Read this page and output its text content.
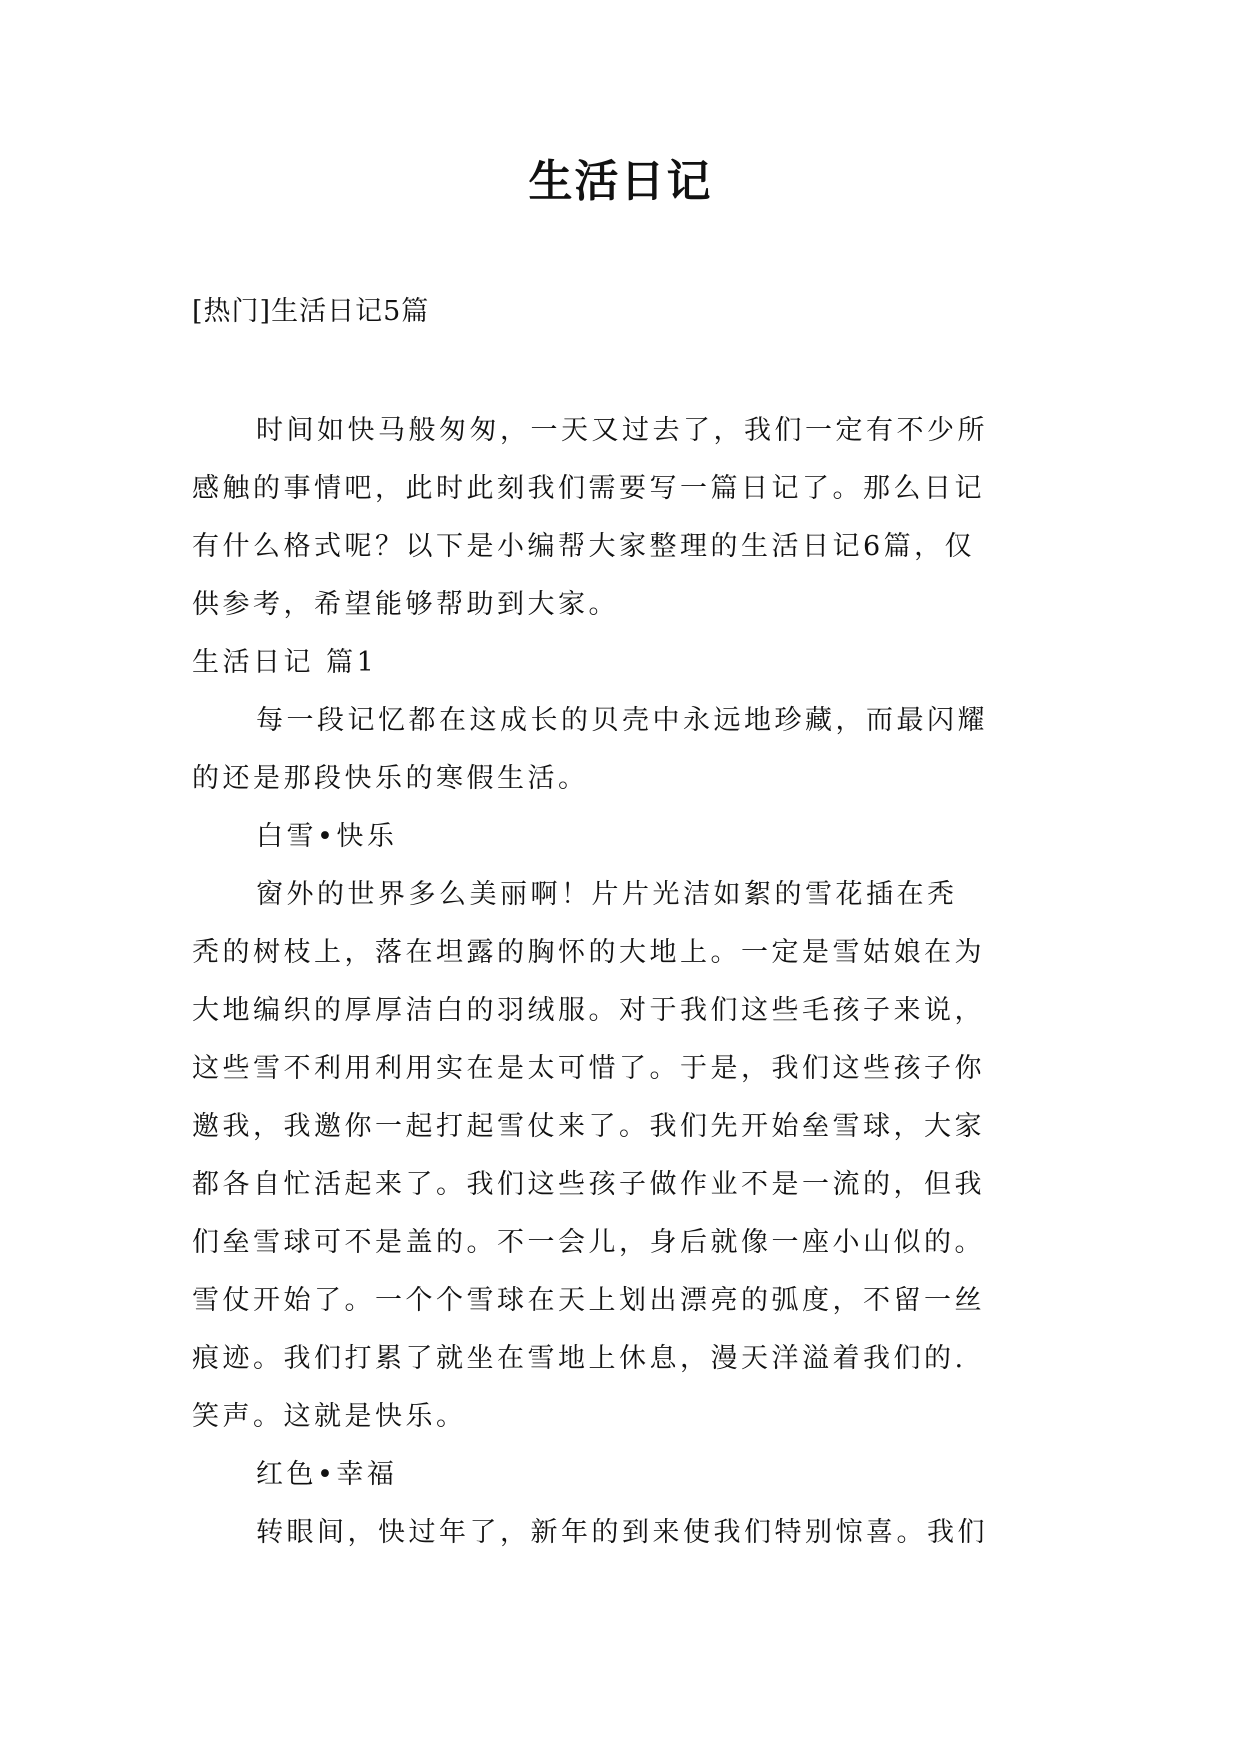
生活日记
[热门]生活日记5篇
时间如快马般匆匆，一天又过去了，我们一定有不少所
感触的事情吧，此时此刻我们需要写一篇日记了。那么日记
有什么格式呢？以下是小编帮大家整理的生活日记6篇，仅
供参考，希望能够帮助到大家。
生活日记 篇1
每一段记忆都在这成长的贝壳中永远地珍藏，而最闪耀
的还是那段快乐的寒假生活。
白雪•快乐
窗外的世界多么美丽啊！片片光洁如絮的雪花插在秃
秃的树枝上，落在坦露的胸怀的大地上。一定是雪姑娘在为
大地编织的厚厚洁白的羽绒服。对于我们这些毛孩子来说，
这些雪不利用利用实在是太可惜了。于是，我们这些孩子你
邀我，我邀你一起打起雪仗来了。我们先开始垒雪球，大家
都各自忙活起来了。我们这些孩子做作业不是一流的，但我
们垒雪球可不是盖的。不一会儿，身后就像一座小山似的。
雪仗开始了。一个个雪球在天上划出漂亮的弧度，不留一丝
痕迹。我们打累了就坐在雪地上休息，漫天洋溢着我们的.
笑声。这就是快乐。
红色•幸福
转眼间，快过年了，新年的到来使我们特别惊喜。我们
